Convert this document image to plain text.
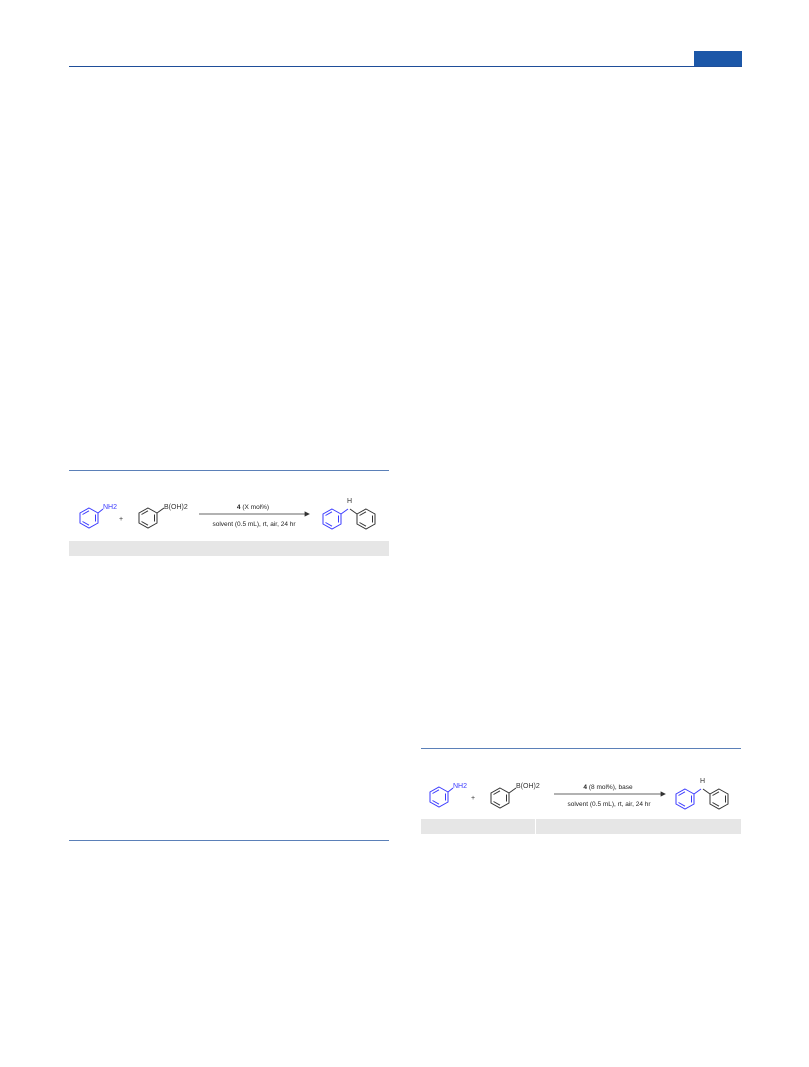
NH2
+
B(OH)2	4 (X mol%)
solvent (0.5 mL), rt, air, 24 hr
H
NH2
+
B(OH)2	4 (8 mol%), base
solvent (0.5 mL), rt, air, 24 hr
H
